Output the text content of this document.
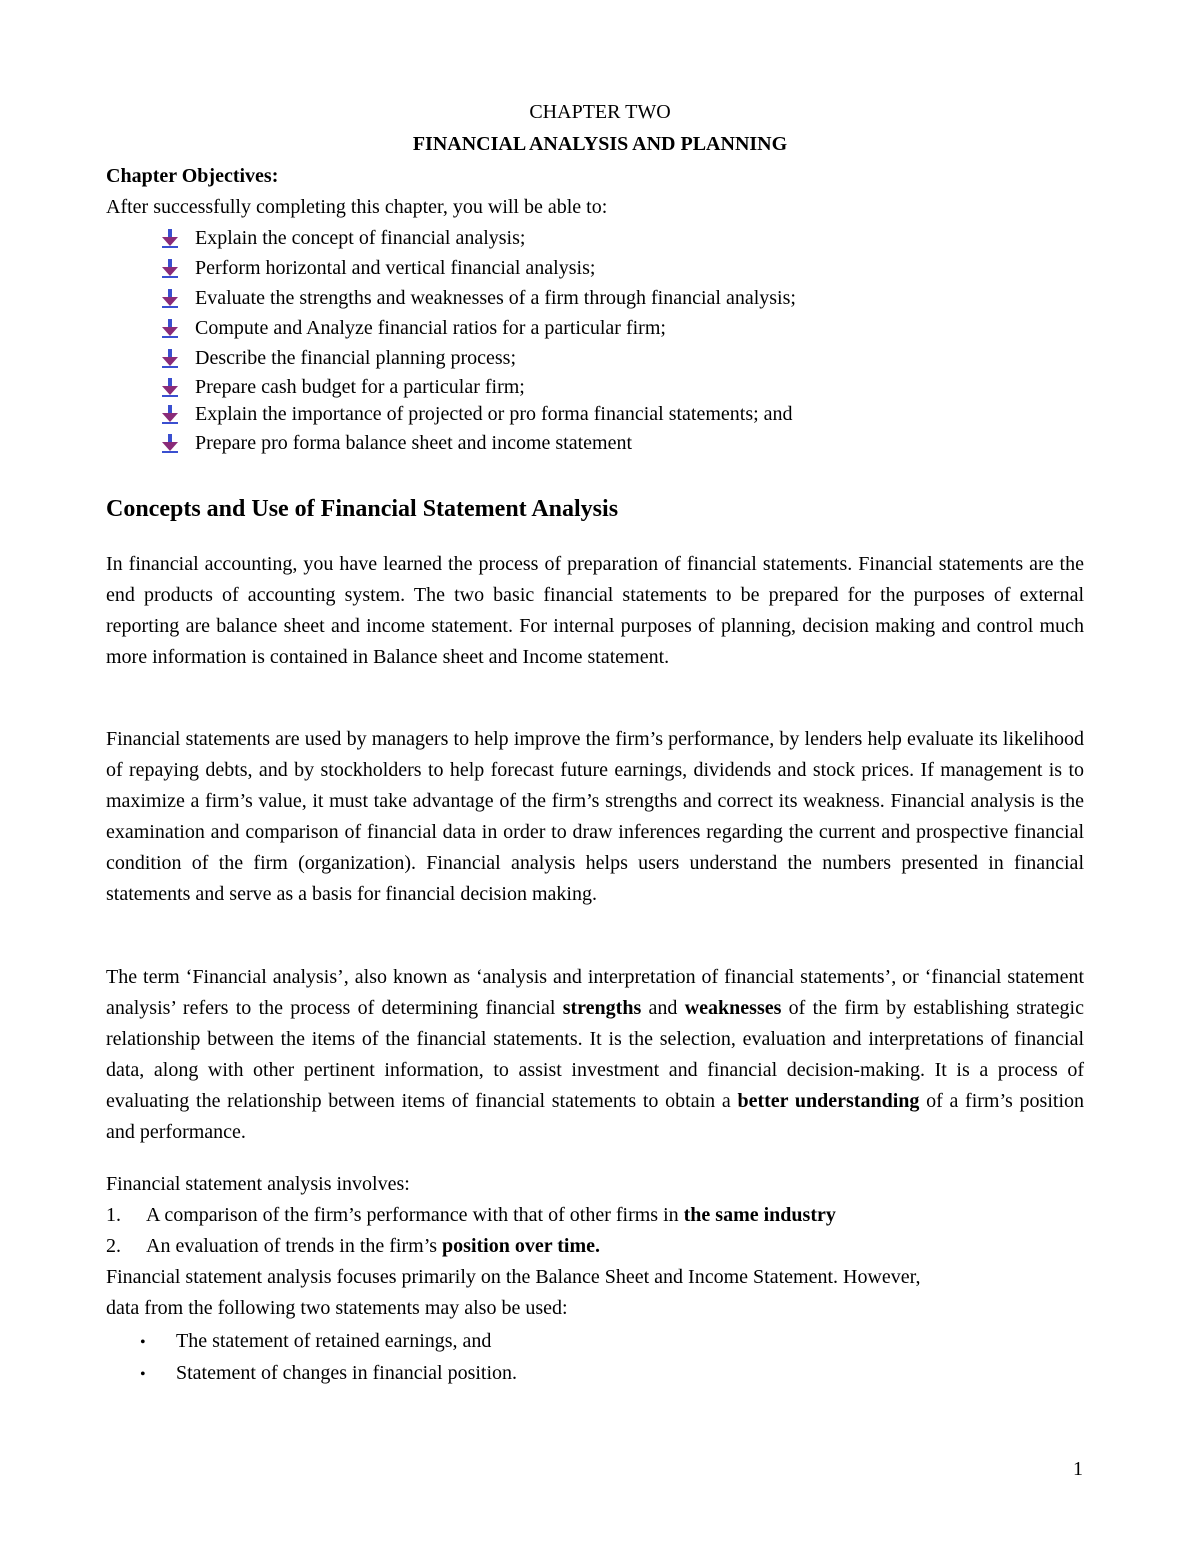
CHAPTER TWO
FINANCIAL ANALYSIS AND PLANNING
Chapter Objectives:
After successfully completing this chapter, you will be able to:
Explain the concept of financial analysis;
Perform horizontal and vertical financial analysis;
Evaluate the strengths and weaknesses of a firm through financial analysis;
Compute and Analyze financial ratios for a particular firm;
Describe the financial planning process;
Prepare cash budget for a particular firm;
Explain the importance of projected or pro forma financial statements; and
Prepare pro forma balance sheet and income statement
Concepts and Use of Financial Statement Analysis
In financial accounting, you have learned the process of preparation of financial statements. Financial statements are the end products of accounting system. The two basic financial statements to be prepared for the purposes of external reporting are balance sheet and income statement. For internal purposes of planning, decision making and control much more information is contained in Balance sheet and Income statement.
Financial statements are used by managers to help improve the firm’s performance, by lenders help evaluate its likelihood of repaying debts, and by stockholders to help forecast future earnings, dividends and stock prices. If management is to maximize a firm’s value, it must take advantage of the firm’s strengths and correct its weakness. Financial analysis is the examination and comparison of financial data in order to draw inferences regarding the current and prospective financial condition of the firm (organization). Financial analysis helps users understand the numbers presented in financial statements and serve as a basis for financial decision making.
The term ‘Financial analysis’, also known as ‘analysis and interpretation of financial statements’, or ‘financial statement analysis’ refers to the process of determining financial strengths and weaknesses of the firm by establishing strategic relationship between the items of the financial statements. It is the selection, evaluation and interpretations of financial data, along with other pertinent information, to assist investment and financial decision-making. It is a process of evaluating the relationship between items of financial statements to obtain a better understanding of a firm’s position and performance.
Financial statement analysis involves:
1. A comparison of the firm’s performance with that of other firms in the same industry
2. An evaluation of trends in the firm’s position over time.
Financial statement analysis focuses primarily on the Balance Sheet and Income Statement. However,
data from the following two statements may also be used:
• The statement of retained earnings, and
• Statement of changes in financial position.
1
